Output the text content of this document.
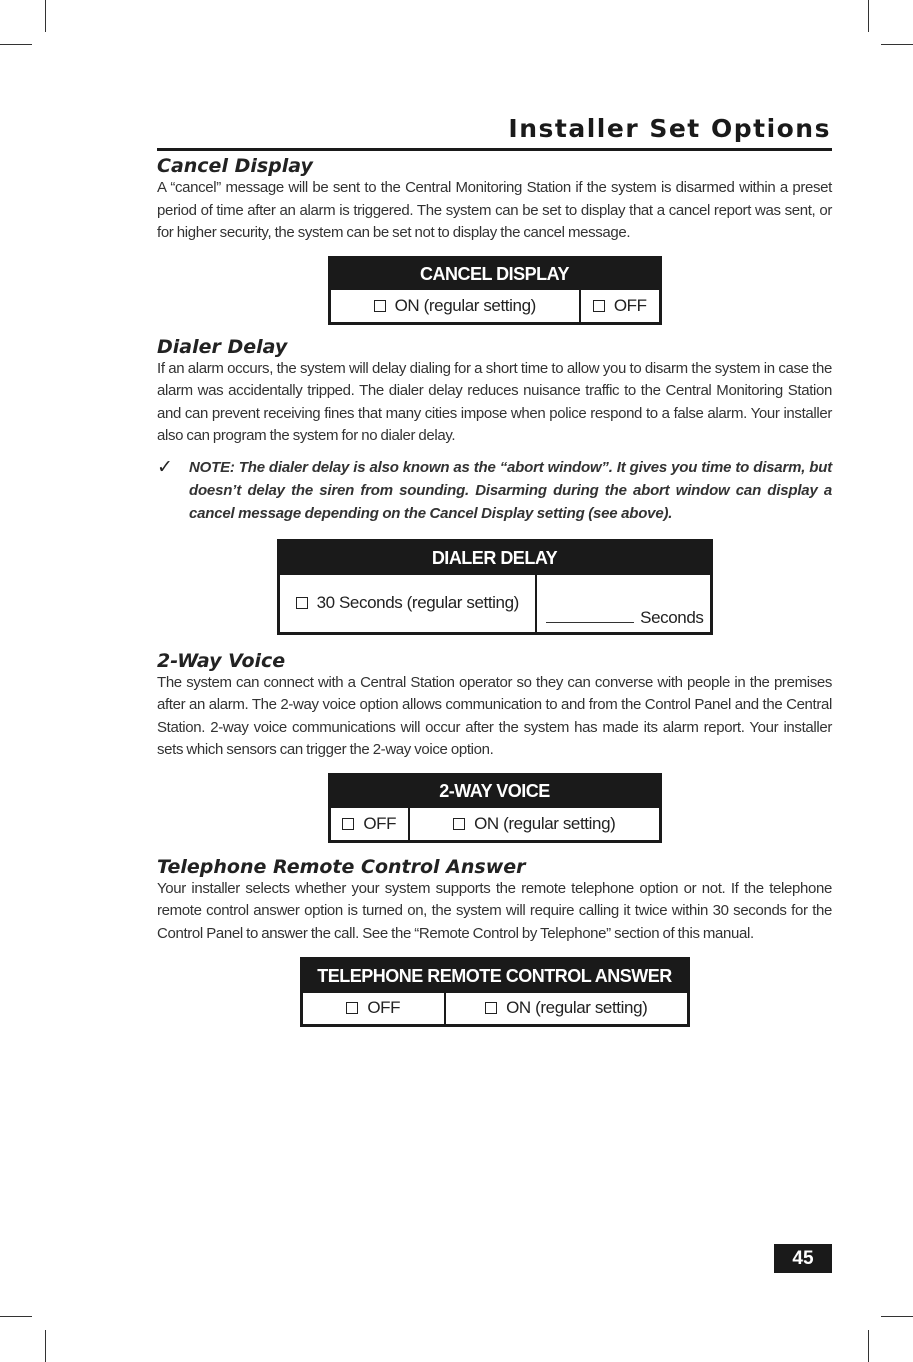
Installer Set Options
Cancel Display

A “cancel” message will be sent to the Central Monitoring Station if the system is disarmed within a preset period of time after an alarm is triggered. The system can be set to display that a cancel report was sent, or for higher security, the system can be set not to display the cancel message.

CANCEL DISPLAY
ON (regular setting)	OFF
Dialer Delay

If an alarm occurs, the system will delay dialing for a short time to allow you to disarm the system in case the alarm was accidentally tripped. The dialer delay reduces nuisance traffic to the Central Monitoring Station and can prevent receiving fines that many cities impose when police respond to a false alarm. Your installer also can program the system for no dialer delay.

✓	NOTE: The dialer delay is also known as the “abort window”. It gives you time to disarm, but doesn’t delay the siren from sounding. Disarming during the abort window can display a cancel message depending on the Cancel Display setting (see above).

DIALER DELAY
30 Seconds (regular setting)	Seconds
2-Way Voice

The system can connect with a Central Station operator so they can converse with people in the premises after an alarm. The 2-way voice option allows communication to and from the Control Panel and the Central Station. 2-way voice communications will occur after the system has made its alarm report. Your installer sets which sensors can trigger the 2-way voice option.

2-WAY VOICE
OFF	ON (regular setting)
Telephone Remote Control Answer

Your installer selects whether your system supports the remote telephone option or not. If the telephone remote control answer option is turned on, the system will require calling it twice within 30 seconds for the Control Panel to answer the call. See the “Remote Control by Telephone” section of this manual.

TELEPHONE REMOTE CONTROL ANSWER
OFF	ON (regular setting)
45
